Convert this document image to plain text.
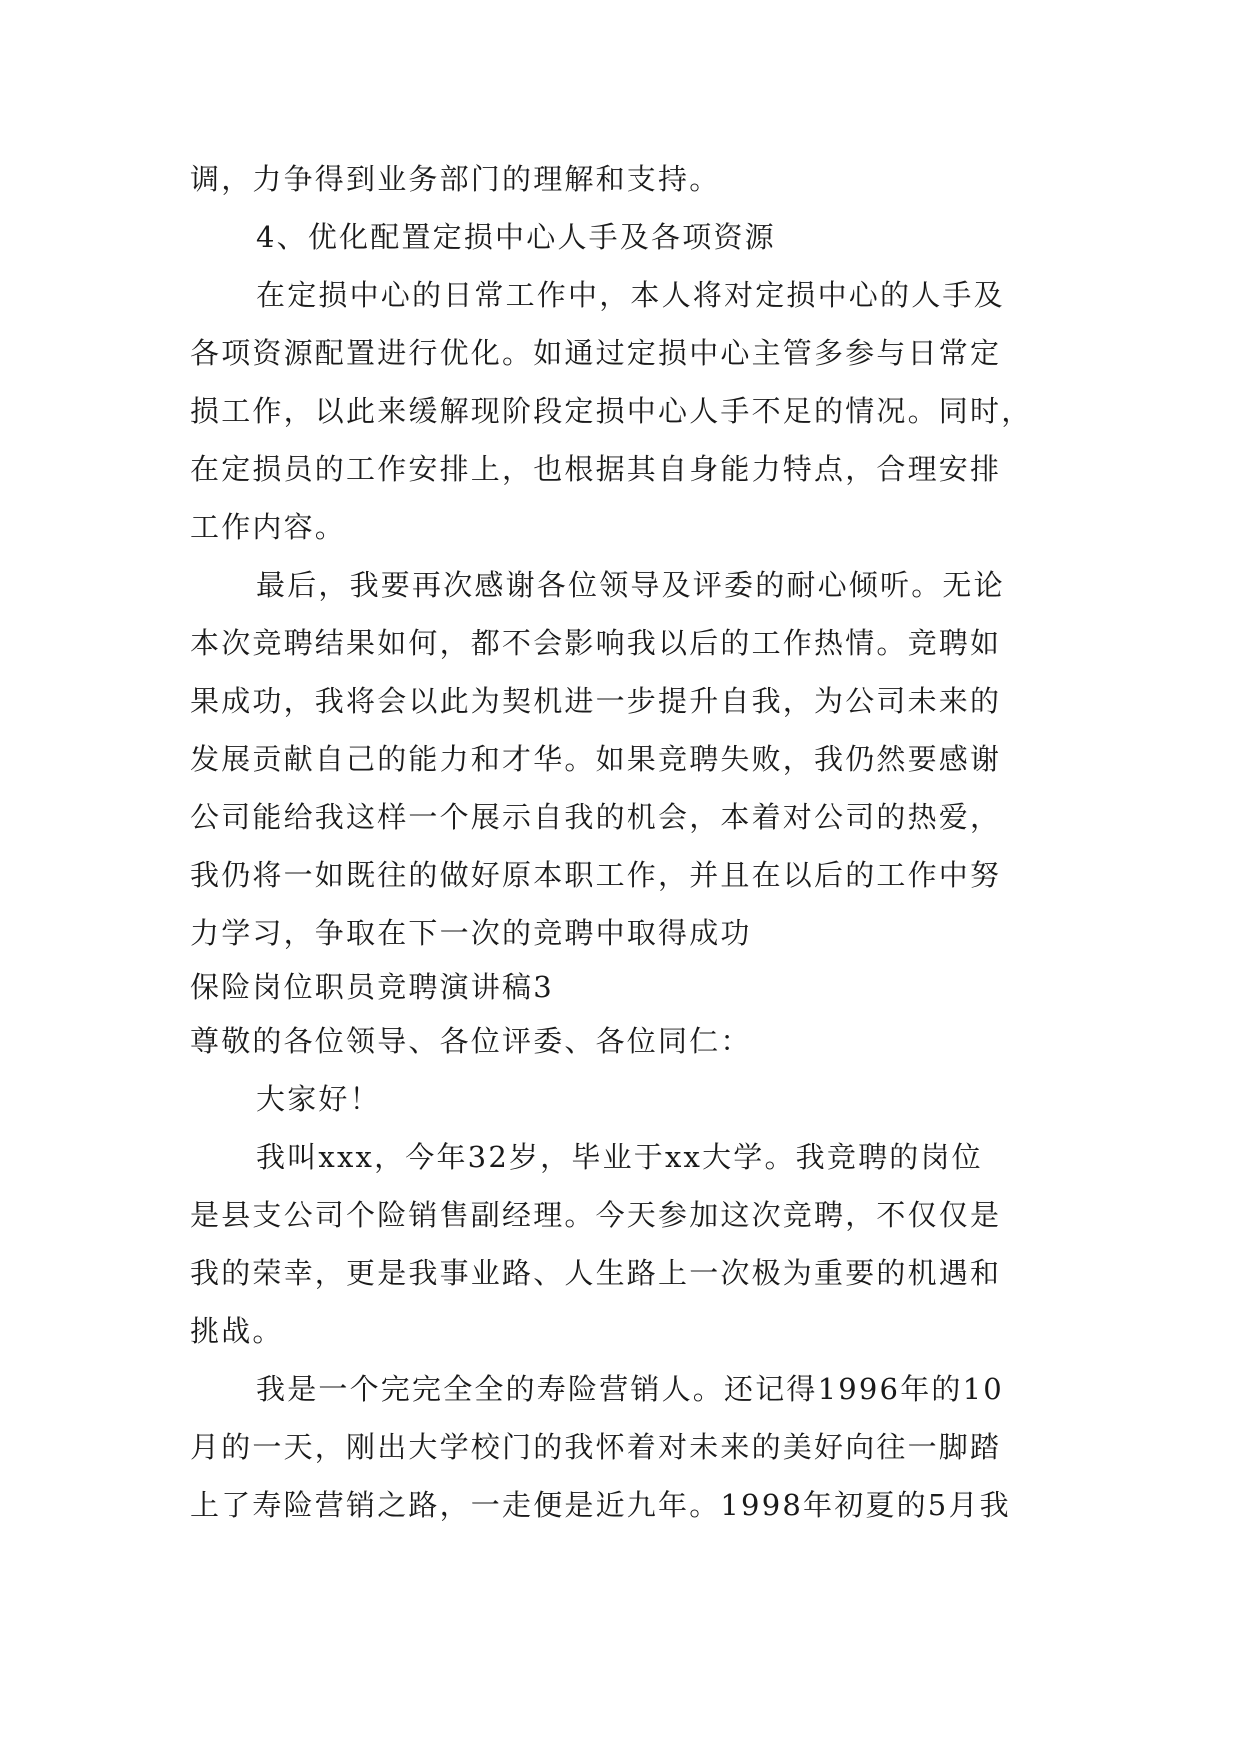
调，力争得到业务部门的理解和支持。
4、优化配置定损中心人手及各项资源
在定损中心的日常工作中，本人将对定损中心的人手及
各项资源配置进行优化。如通过定损中心主管多参与日常定
损工作，以此来缓解现阶段定损中心人手不足的情况。同时，
在定损员的工作安排上，也根据其自身能力特点，合理安排
工作内容。
最后，我要再次感谢各位领导及评委的耐心倾听。无论
本次竞聘结果如何，都不会影响我以后的工作热情。竞聘如
果成功，我将会以此为契机进一步提升自我，为公司未来的
发展贡献自己的能力和才华。如果竞聘失败，我仍然要感谢
公司能给我这样一个展示自我的机会，本着对公司的热爱，
我仍将一如既往的做好原本职工作，并且在以后的工作中努
力学习，争取在下一次的竞聘中取得成功
保险岗位职员竞聘演讲稿3
尊敬的各位领导、各位评委、各位同仁：
大家好！
我叫xxx，今年32岁，毕业于xx大学。我竞聘的岗位
是县支公司个险销售副经理。今天参加这次竞聘，不仅仅是
我的荣幸，更是我事业路、人生路上一次极为重要的机遇和
挑战。
我是一个完完全全的寿险营销人。还记得1996年的10
月的一天，刚出大学校门的我怀着对未来的美好向往一脚踏
上了寿险营销之路，一走便是近九年。1998年初夏的5月我
